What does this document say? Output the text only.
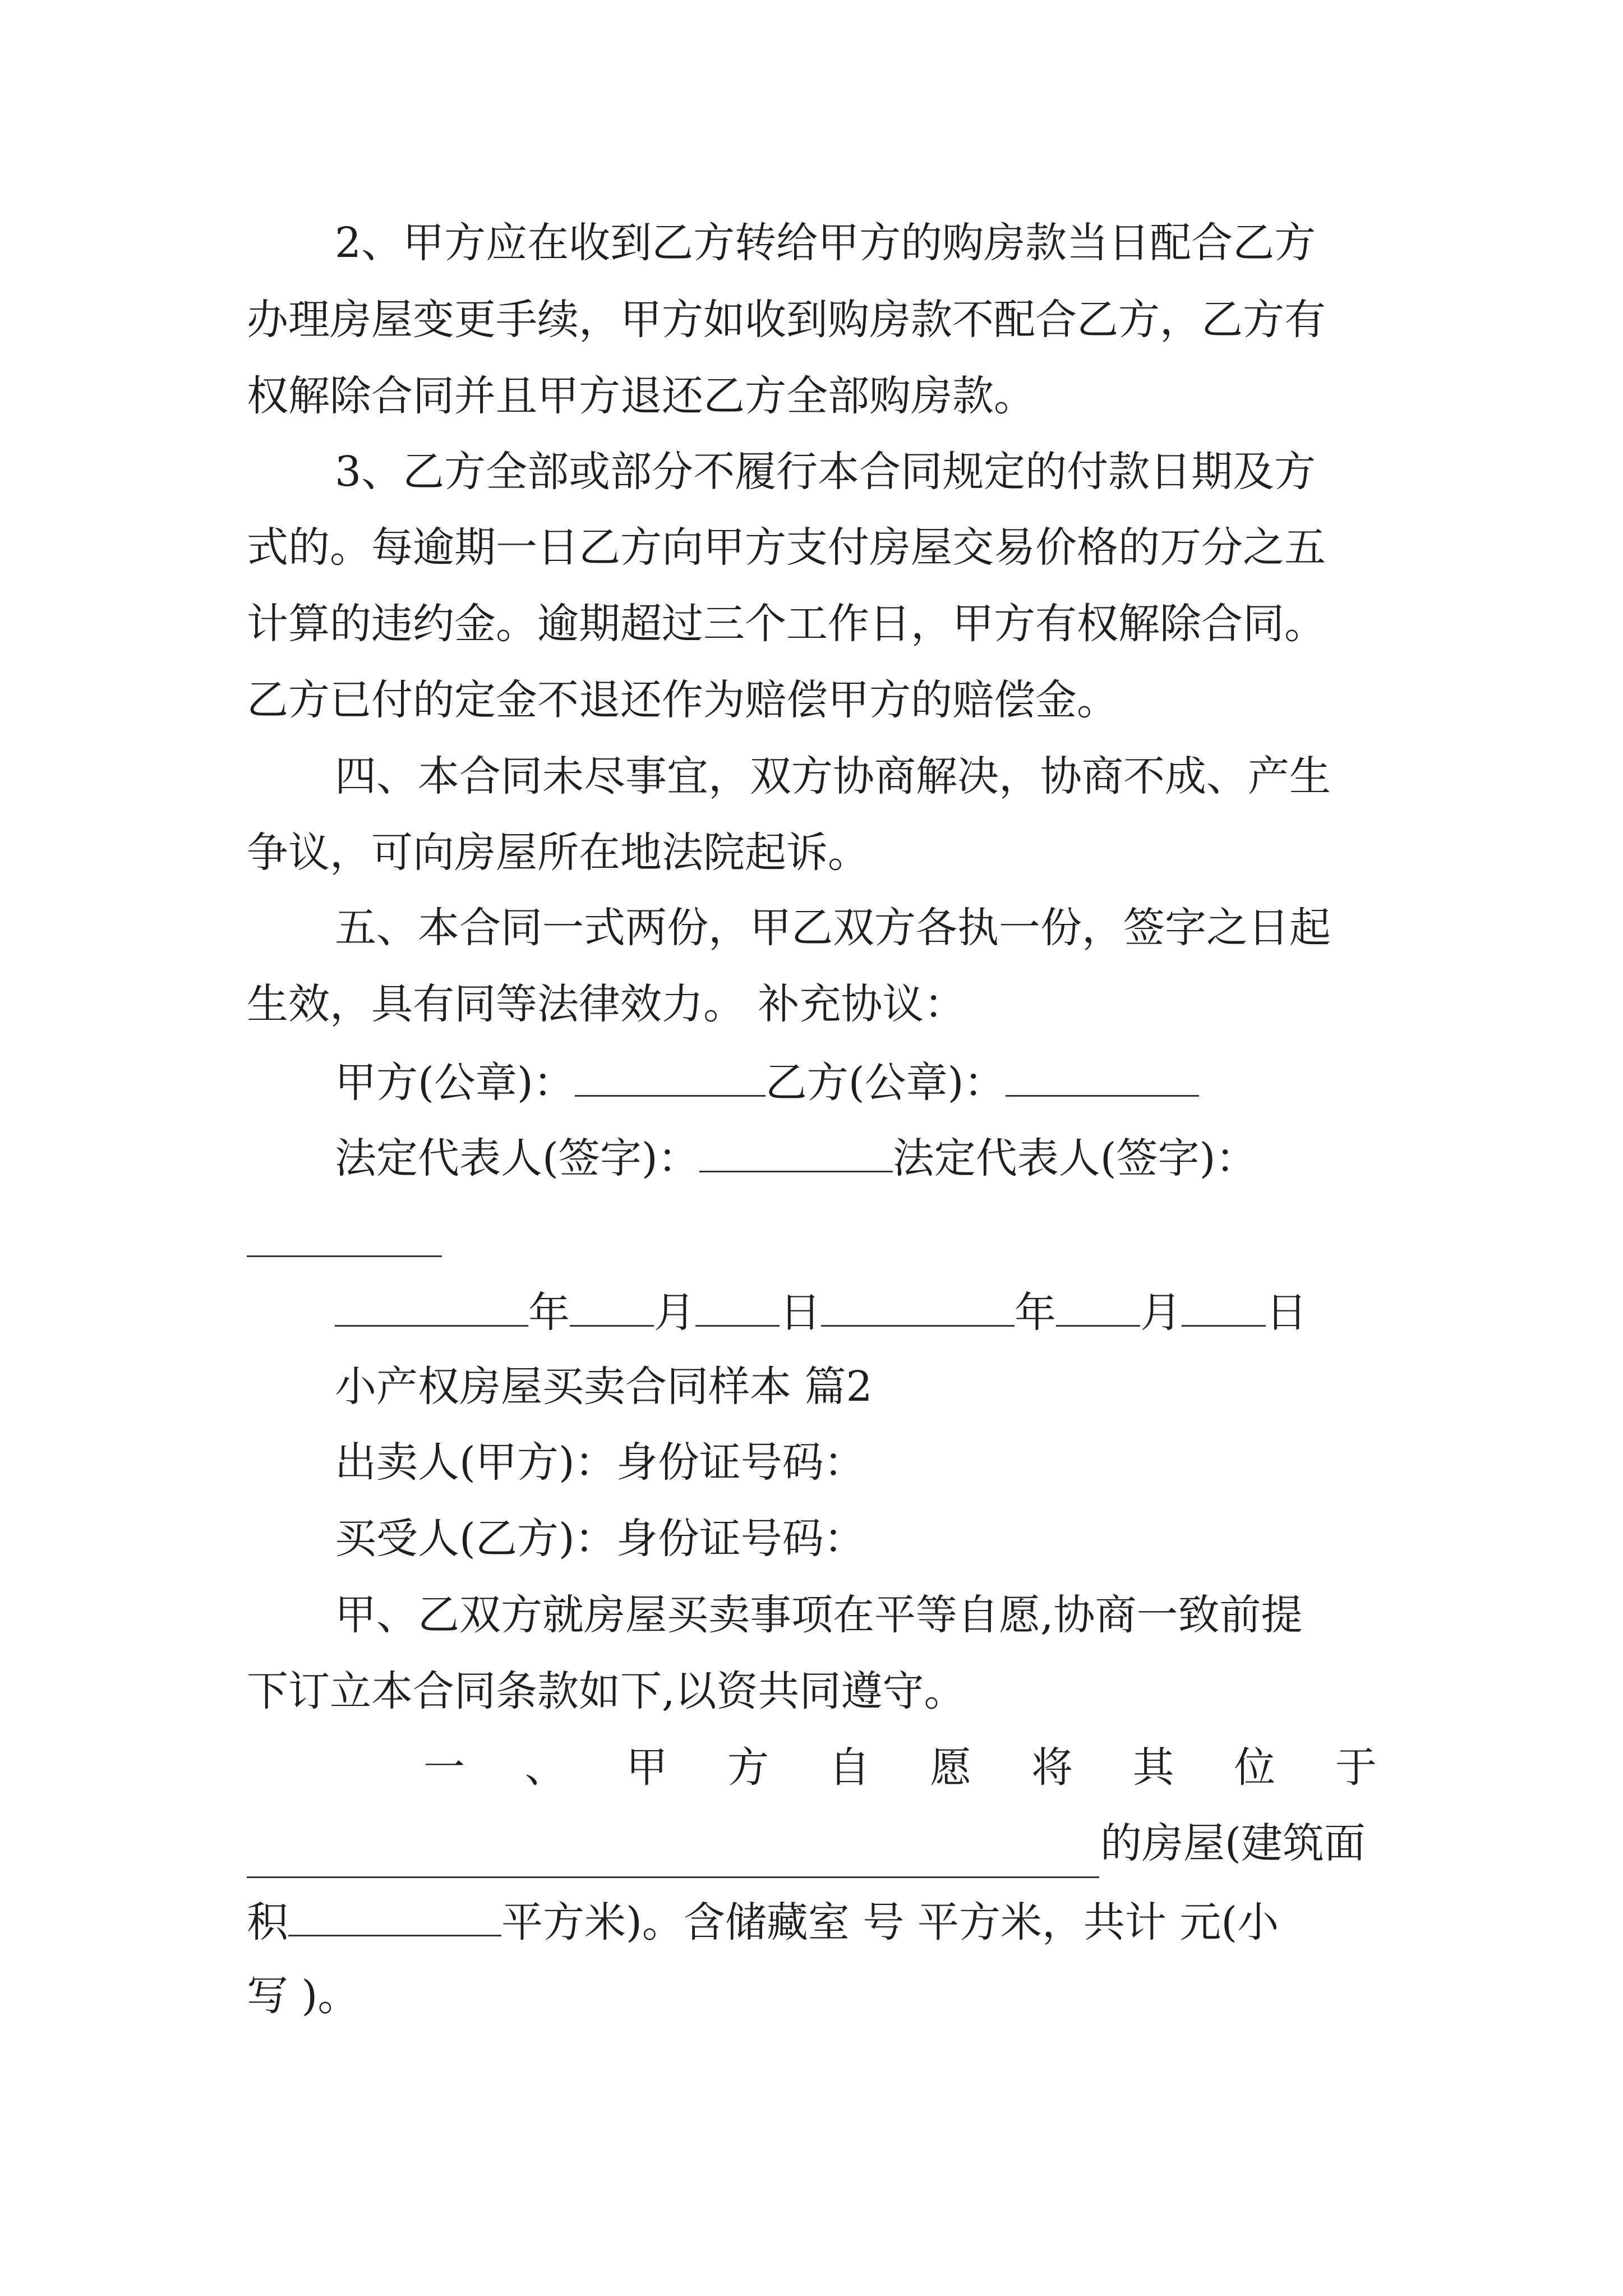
2、甲方应在收到乙方转给甲方的购房款当日配合乙方
办理房屋变更手续，甲方如收到购房款不配合乙方，乙方有
权解除合同并且甲方退还乙方全部购房款。
3、乙方全部或部分不履行本合同规定的付款日期及方
式的。每逾期一日乙方向甲方支付房屋交易价格的万分之五
计算的违约金。逾期超过三个工作日，甲方有权解除合同。
乙方已付的定金不退还作为赔偿甲方的赔偿金。
四、本合同未尽事宜，双方协商解决，协商不成、产生
争议，可向房屋所在地法院起诉。
五、本合同一式两份，甲乙双方各执一份，签字之日起
生效，具有同等法律效力。 补充协议：
甲方(公章)：	乙方(公章)：
法定代表人(签字)：	法定代表人(签字)：
年 月 日	年 月 日
小产权房屋买卖合同样本 篇2
出卖人(甲方)：身份证号码：
买受人(乙方)：身份证号码：
甲、乙双方就房屋买卖事项在平等自愿,协商一致前提
下订立本合同条款如下,以资共同遵守。
一 、 甲 方 自 愿 将 其 位 于
的房屋(建筑面
积	平方米)。含储藏室 号 平方米，共计 元(小
写 )。
